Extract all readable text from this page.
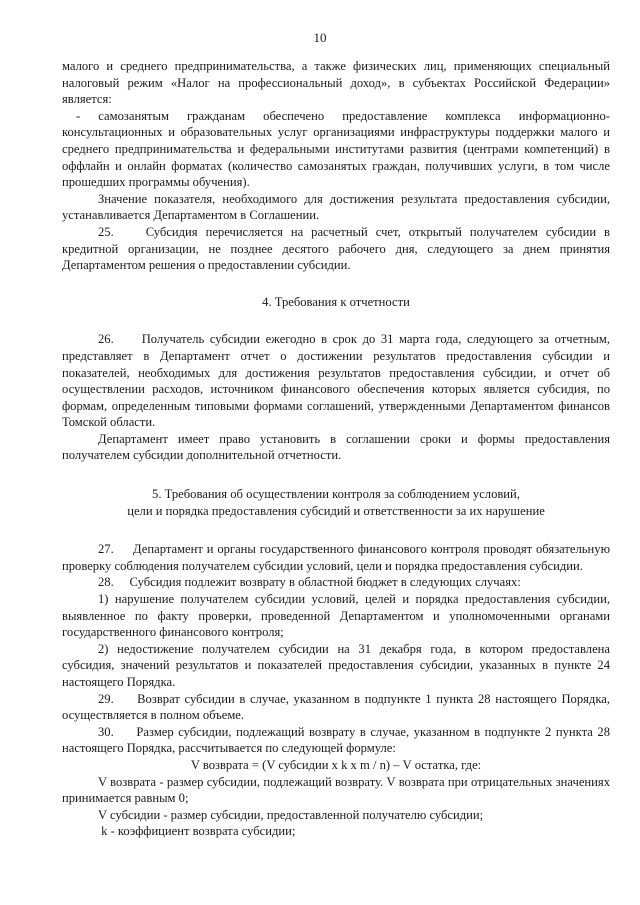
10

малого и среднего предпринимательства, а также физических лиц, применяющих специальный налоговый режим «Налог на профессиональный доход», в субъектах Российской Федерации» является:

- самозанятым гражданам обеспечено предоставление комплекса информационно-консультационных и образовательных услуг организациями инфраструктуры поддержки малого и среднего предпринимательства и федеральными институтами развития (центрами компетенций) в оффлайн и онлайн форматах (количество самозанятых граждан, получивших услуги, в том числе прошедших программы обучения).

Значение показателя, необходимого для достижения результата предоставления субсидии, устанавливается Департаментом в Соглашении.

25.    Субсидия перечисляется на расчетный счет, открытый получателем субсидии в кредитной организации, не позднее десятого рабочего дня, следующего за днем принятия Департаментом решения о предоставлении субсидии.

4. Требования к отчетности

26.     Получатель субсидии ежегодно в срок до 31 марта года, следующего за отчетным, представляет в Департамент отчет о достижении результатов предоставления субсидии и показателей, необходимых для достижения результатов предоставления субсидии, и отчет об осуществлении расходов, источником финансового обеспечения которых является субсидия, по формам, определенным типовыми формами соглашений, утвержденными Департаментом финансов Томской области.

Департамент имеет право установить в соглашении сроки и формы предоставления получателем субсидии дополнительной отчетности.

5. Требования об осуществлении контроля за соблюдением условий,

цели и порядка предоставления субсидий и ответственности за их нарушение

27.     Департамент и органы государственного финансового контроля проводят обязательную проверку соблюдения получателем субсидии условий, цели и порядка предоставления субсидии.

28.     Субсидия подлежит возврату в областной бюджет в следующих случаях:

1) нарушение получателем субсидии условий, целей и порядка предоставления субсидии, выявленное по факту проверки, проведенной Департаментом и уполномоченными органами государственного финансового контроля;

2) недостижение получателем субсидии на 31 декабря года, в котором предоставлена субсидия, значений результатов и показателей предоставления субсидии, указанных в пункте 24 настоящего Порядка.

29.     Возврат субсидии в случае, указанном в подпункте 1 пункта 28 настоящего Порядка, осуществляется в полном объеме.

30.     Размер субсидии, подлежащий возврату в случае, указанном в подпункте 2 пункта 28 настоящего Порядка, рассчитывается по следующей формуле:

V возврата = (V субсидии x k x m / n) – V остатка, где:

V возврата - размер субсидии, подлежащий возврату. V возврата при отрицательных значениях принимается равным 0;

V субсидии - размер субсидии, предоставленной получателю субсидии;

k - коэффициент возврата субсидии;
